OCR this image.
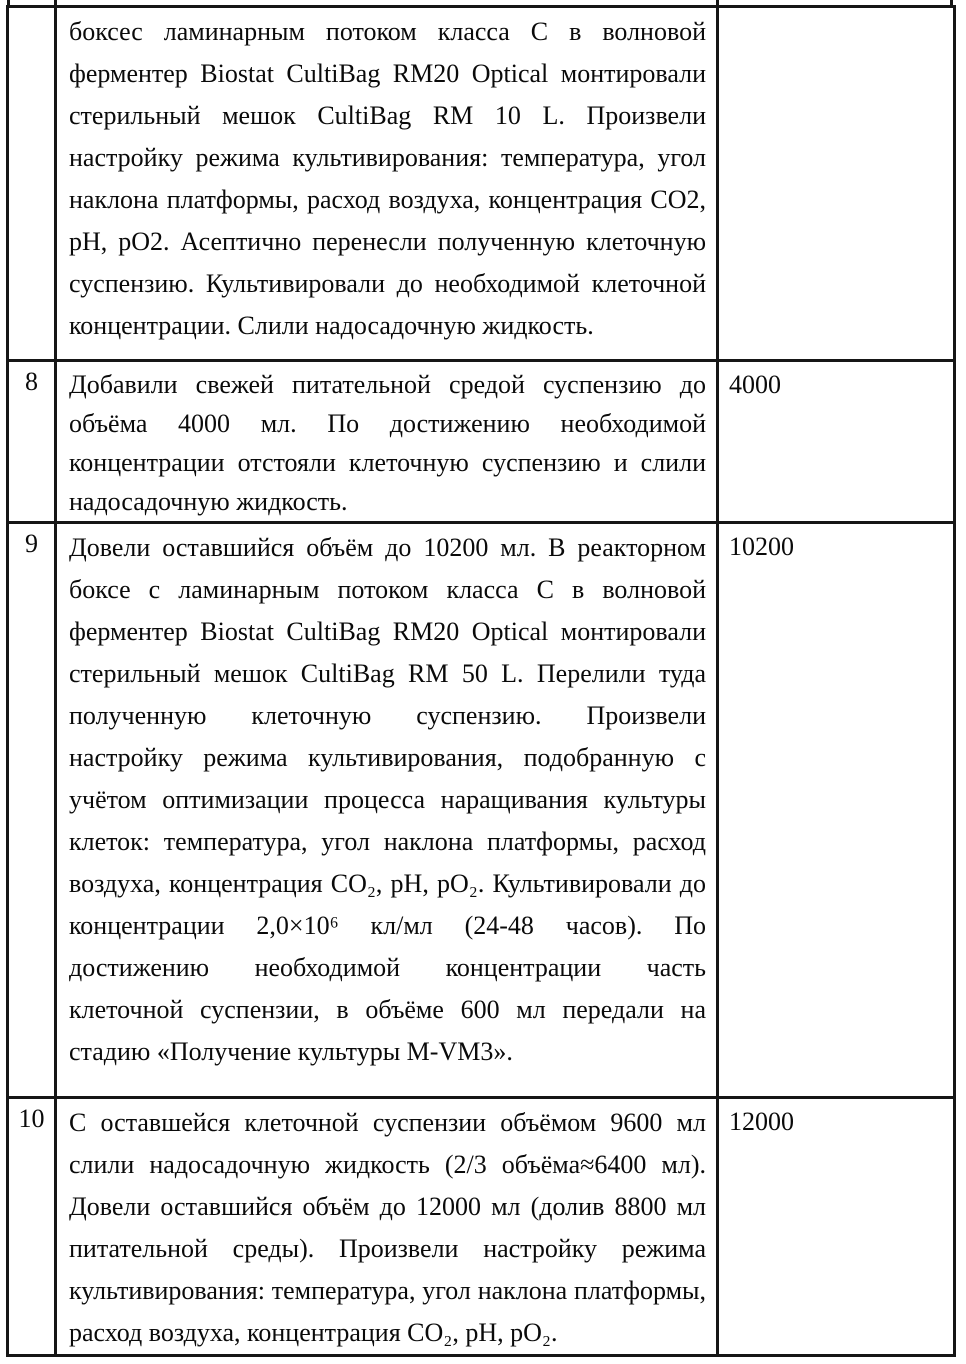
	боксес ламинарным потоком класса С в волновой ферментер Biostat CultiBag RM20 Optical монтировали стерильный мешок CultiBag RM 10 L. Произвели настройку режима культивирования: температура, угол наклона платформы, расход воздуха, концентрация CO2, pH, pO2. Асептично перенесли полученную клеточную суспензию. Культивировали до необходимой клеточной концентрации. Слили надосадочную жидкость.	

8	Добавили свежей питательной средой суспензию до объёма 4000 мл. По достижению необходимой концентрации отстояли клеточную суспензию и слили надосадочную жидкость.	4000

9	Довели оставшийся объём до 10200 мл. В реакторном боксе с ламинарным потоком класса С в волновой ферментер Biostat CultiBag RM20 Optical монтировали стерильный мешок CultiBag RM 50 L. Перелили туда полученную клеточную суспензию. Произвели настройку режима культивирования, подобранную с учётом оптимизации процесса наращивания культуры клеток: температура, угол наклона платформы, расход воздуха, концентрация CO₂, pH, pO₂. Культивировали до концентрации 2,0×10⁶ кл/мл (24-48 часов). По достижению необходимой концентрации часть клеточной суспензии, в объёме 600 мл передали на стадию «Получение культуры M-VM3».	10200

10	С оставшейся клеточной суспензии объёмом 9600 мл слили надосадочную жидкость (2/3 объёма≈6400 мл). Довели оставшийся объём до 12000 мл (долив 8800 мл питательной среды). Произвели настройку режима культивирования: температура, угол наклона платформы, расход воздуха, концентрация CO₂, pH, pO₂.	12000
